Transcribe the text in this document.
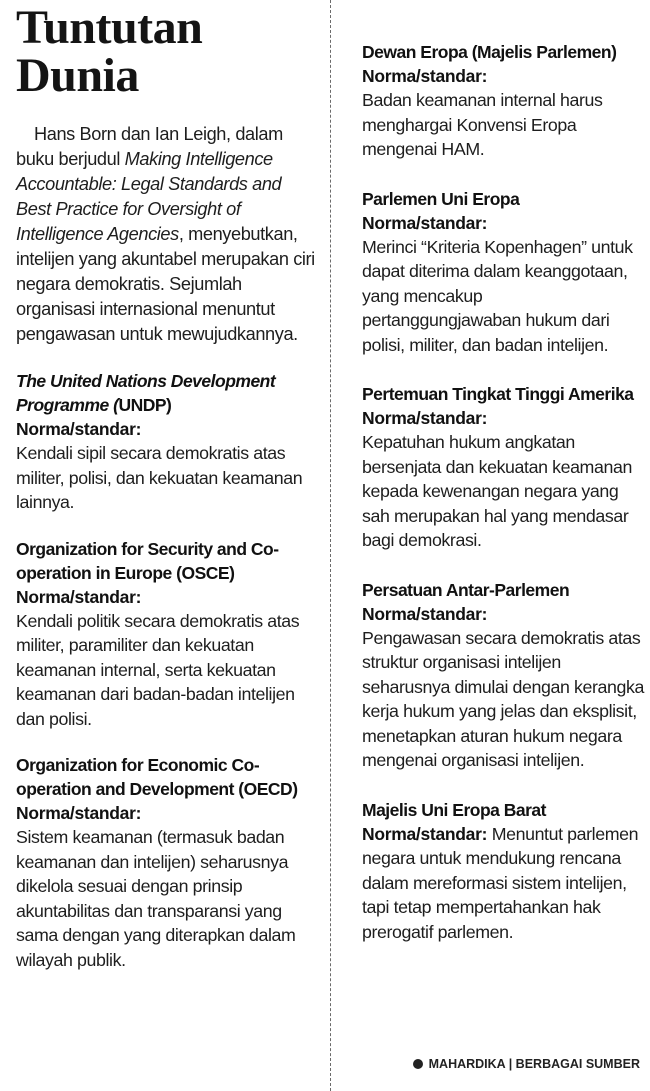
Tuntutan
Dunia

Hans Born dan Ian Leigh, dalam buku berjudul Making Intelligence Accountable: Legal Standards and Best Practice for Oversight of Intelligence Agencies, menyebutkan, intelijen yang akuntabel merupakan ciri negara demokratis. Sejumlah organisasi internasional menuntut pengawasan untuk mewujudkannya.

The United Nations Development Programme (UNDP)
Norma/standar:
Kendali sipil secara demokratis atas militer, polisi, dan kekuatan keamanan lainnya.
Organization for Security and Co-operation in Europe (OSCE)
Norma/standar:
Kendali politik secara demokratis atas militer, paramiliter dan kekuatan keamanan internal, serta kekuatan keamanan dari badan-badan intelijen dan polisi.
Organization for Economic Co-operation and Development (OECD)
Norma/standar:
Sistem keamanan (termasuk badan keamanan dan intelijen) seharusnya dikelola sesuai dengan prinsip akuntabilitas dan transparansi yang sama dengan yang diterapkan dalam wilayah publik.
Dewan Eropa (Majelis Parlemen)
Norma/standar:
Badan keamanan internal harus menghargai Konvensi Eropa mengenai HAM.
Parlemen Uni Eropa
Norma/standar:
Merinci “Kriteria Kopenhagen” untuk dapat diterima dalam keanggotaan, yang mencakup pertanggungjawaban hukum dari polisi, militer, dan badan intelijen.
Pertemuan Tingkat Tinggi Amerika
Norma/standar:
Kepatuhan hukum angkatan bersenjata dan kekuatan keamanan kepada kewenangan negara yang sah merupakan hal yang mendasar bagi demokrasi.
Persatuan Antar-Parlemen
Norma/standar:
Pengawasan secara demokratis atas struktur organisasi intelijen seharusnya dimulai dengan kerangka kerja hukum yang jelas dan eksplisit, menetapkan aturan hukum negara mengenai organisasi intelijen.
Majelis Uni Eropa Barat
Norma/standar: Menuntut parlemen negara untuk mendukung rencana dalam mereformasi sistem intelijen, tapi tetap mempertahankan hak prerogatif parlemen.
MAHARDIKA | BERBAGAI SUMBER
